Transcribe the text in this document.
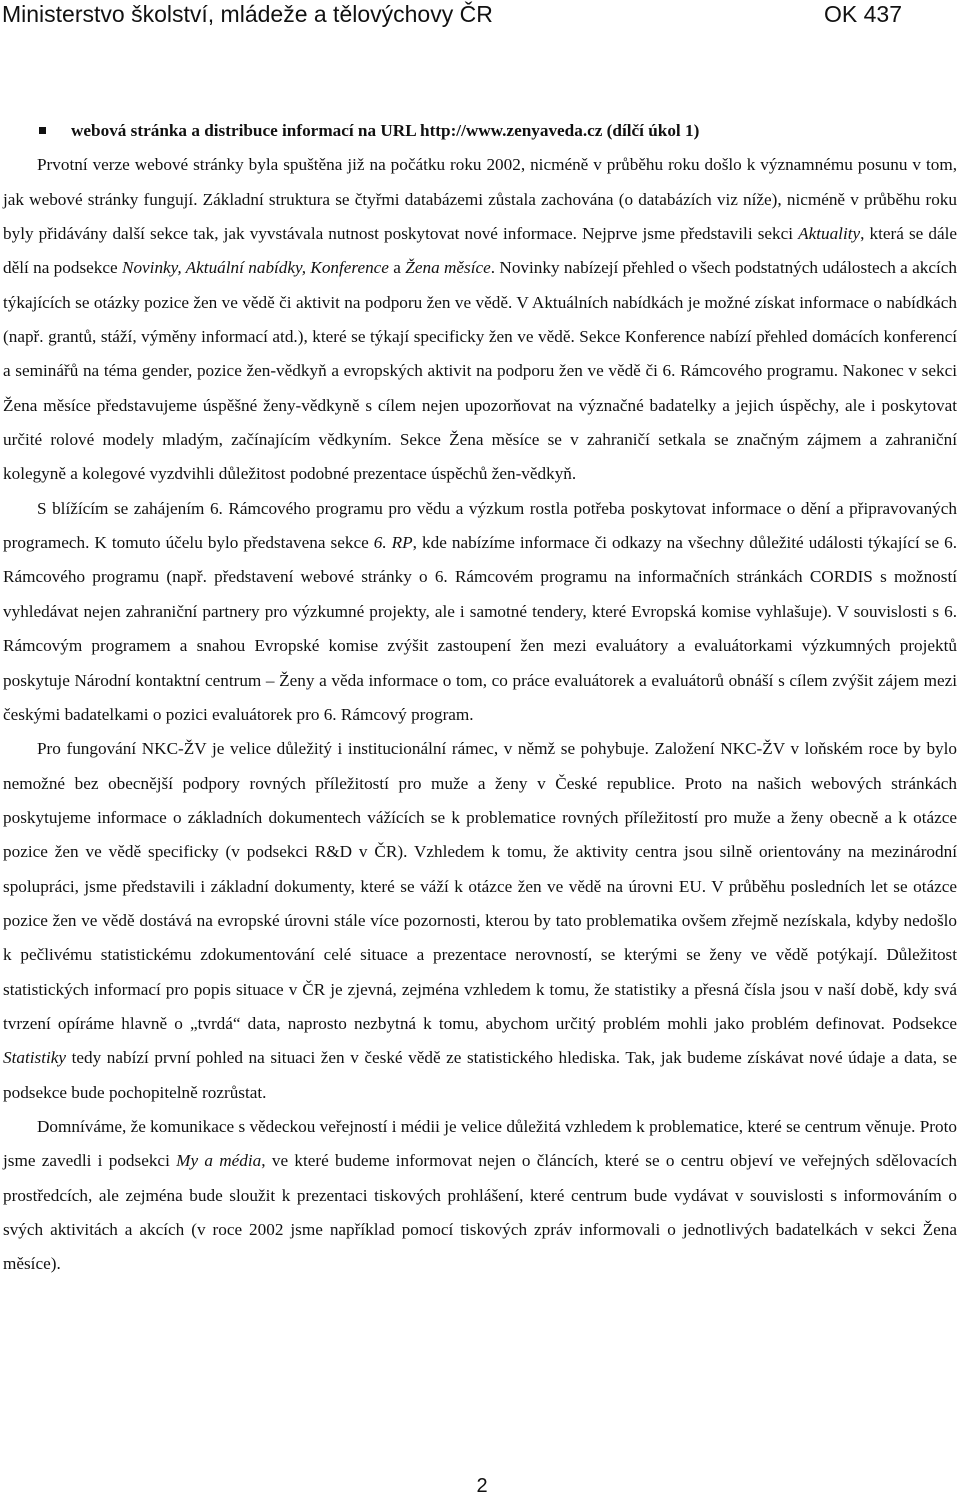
Ministerstvo školství, mládeže a tělovýchovy ČR	OK 437
webová stránka a distribuce informací na URL http://www.zenyaveda.cz (dílčí úkol 1)

Prvotní verze webové stránky byla spuštěna již na počátku roku 2002, nicméně v průběhu roku došlo k významnému posunu v tom, jak webové stránky fungují. Základní struktura se čtyřmi databázemi zůstala zachována (o databázích viz níže), nicméně v průběhu roku byly přidávány další sekce tak, jak vyvstávala nutnost poskytovat nové informace. Nejprve jsme představili sekci Aktuality, která se dále dělí na podsekce Novinky, Aktuální nabídky, Konference a Žena měsíce. Novinky nabízejí přehled o všech podstatných událostech a akcích týkajících se otázky pozice žen ve vědě či aktivit na podporu žen ve vědě. V Aktuálních nabídkách je možné získat informace o nabídkách (např. grantů, stáží, výměny informací atd.), které se týkají specificky žen ve vědě. Sekce Konference nabízí přehled domácích konferencí a seminářů na téma gender, pozice žen-vědkyň a evropských aktivit na podporu žen ve vědě či 6. Rámcového programu. Nakonec v sekci Žena měsíce představujeme úspěšné ženy-vědkyně s cílem nejen upozorňovat na význačné badatelky a jejich úspěchy, ale i poskytovat určité rolové modely mladým, začínajícím vědkyním. Sekce Žena měsíce se v zahraničí setkala se značným zájmem a zahraniční kolegyně a kolegové vyzdvihli důležitost podobné prezentace úspěchů žen-vědkyň.

S blížícím se zahájením 6. Rámcového programu pro vědu a výzkum rostla potřeba poskytovat informace o dění a připravovaných programech. K tomuto účelu bylo představena sekce 6. RP, kde nabízíme informace či odkazy na všechny důležité události týkající se 6. Rámcového programu (např. představení webové stránky o 6. Rámcovém programu na informačních stránkách CORDIS s možností vyhledávat nejen zahraniční partnery pro výzkumné projekty, ale i samotné tendery, které Evropská komise vyhlašuje). V souvislosti s 6. Rámcovým programem a snahou Evropské komise zvýšit zastoupení žen mezi evaluátory a evaluátorkami výzkumných projektů poskytuje Národní kontaktní centrum – Ženy a věda informace o tom, co práce evaluátorek a evaluátorů obnáší s cílem zvýšit zájem mezi českými badatelkami o pozici evaluátorek pro 6. Rámcový program.

Pro fungování NKC-ŽV je velice důležitý i institucionální rámec, v němž se pohybuje. Založení NKC-ŽV v loňském roce by bylo nemožné bez obecnější podpory rovných příležitostí pro muže a ženy v České republice. Proto na našich webových stránkách poskytujeme informace o základních dokumentech vážících se k problematice rovných příležitostí pro muže a ženy obecně a k otázce pozice žen ve vědě specificky (v podsekci R&D v ČR). Vzhledem k tomu, že aktivity centra jsou silně orientovány na mezinárodní spolupráci, jsme představili i základní dokumenty, které se váží k otázce žen ve vědě na úrovni EU. V průběhu posledních let se otázce pozice žen ve vědě dostává na evropské úrovni stále více pozornosti, kterou by tato problematika ovšem zřejmě nezískala, kdyby nedošlo k pečlivému statistickému zdokumentování celé situace a prezentace nerovností, se kterými se ženy ve vědě potýkají. Důležitost statistických informací pro popis situace v ČR je zjevná, zejména vzhledem k tomu, že statistiky a přesná čísla jsou v naší době, kdy svá tvrzení opíráme hlavně o „tvrdá“ data, naprosto nezbytná k tomu, abychom určitý problém mohli jako problém definovat. Podsekce Statistiky tedy nabízí první pohled na situaci žen v české vědě ze statistického hlediska. Tak, jak budeme získávat nové údaje a data, se podsekce bude pochopitelně rozrůstat.

Domníváme, že komunikace s vědeckou veřejností i médii je velice důležitá vzhledem k problematice, které se centrum věnuje. Proto jsme zavedli i podsekci My a média, ve které budeme informovat nejen o článcích, které se o centru objeví ve veřejných sdělovacích prostředcích, ale zejména bude sloužit k prezentaci tiskových prohlášení, které centrum bude vydávat v souvislosti s informováním o svých aktivitách a akcích (v roce 2002 jsme například pomocí tiskových zpráv informovali o jednotlivých badatelkách v sekci Žena měsíce).

2
